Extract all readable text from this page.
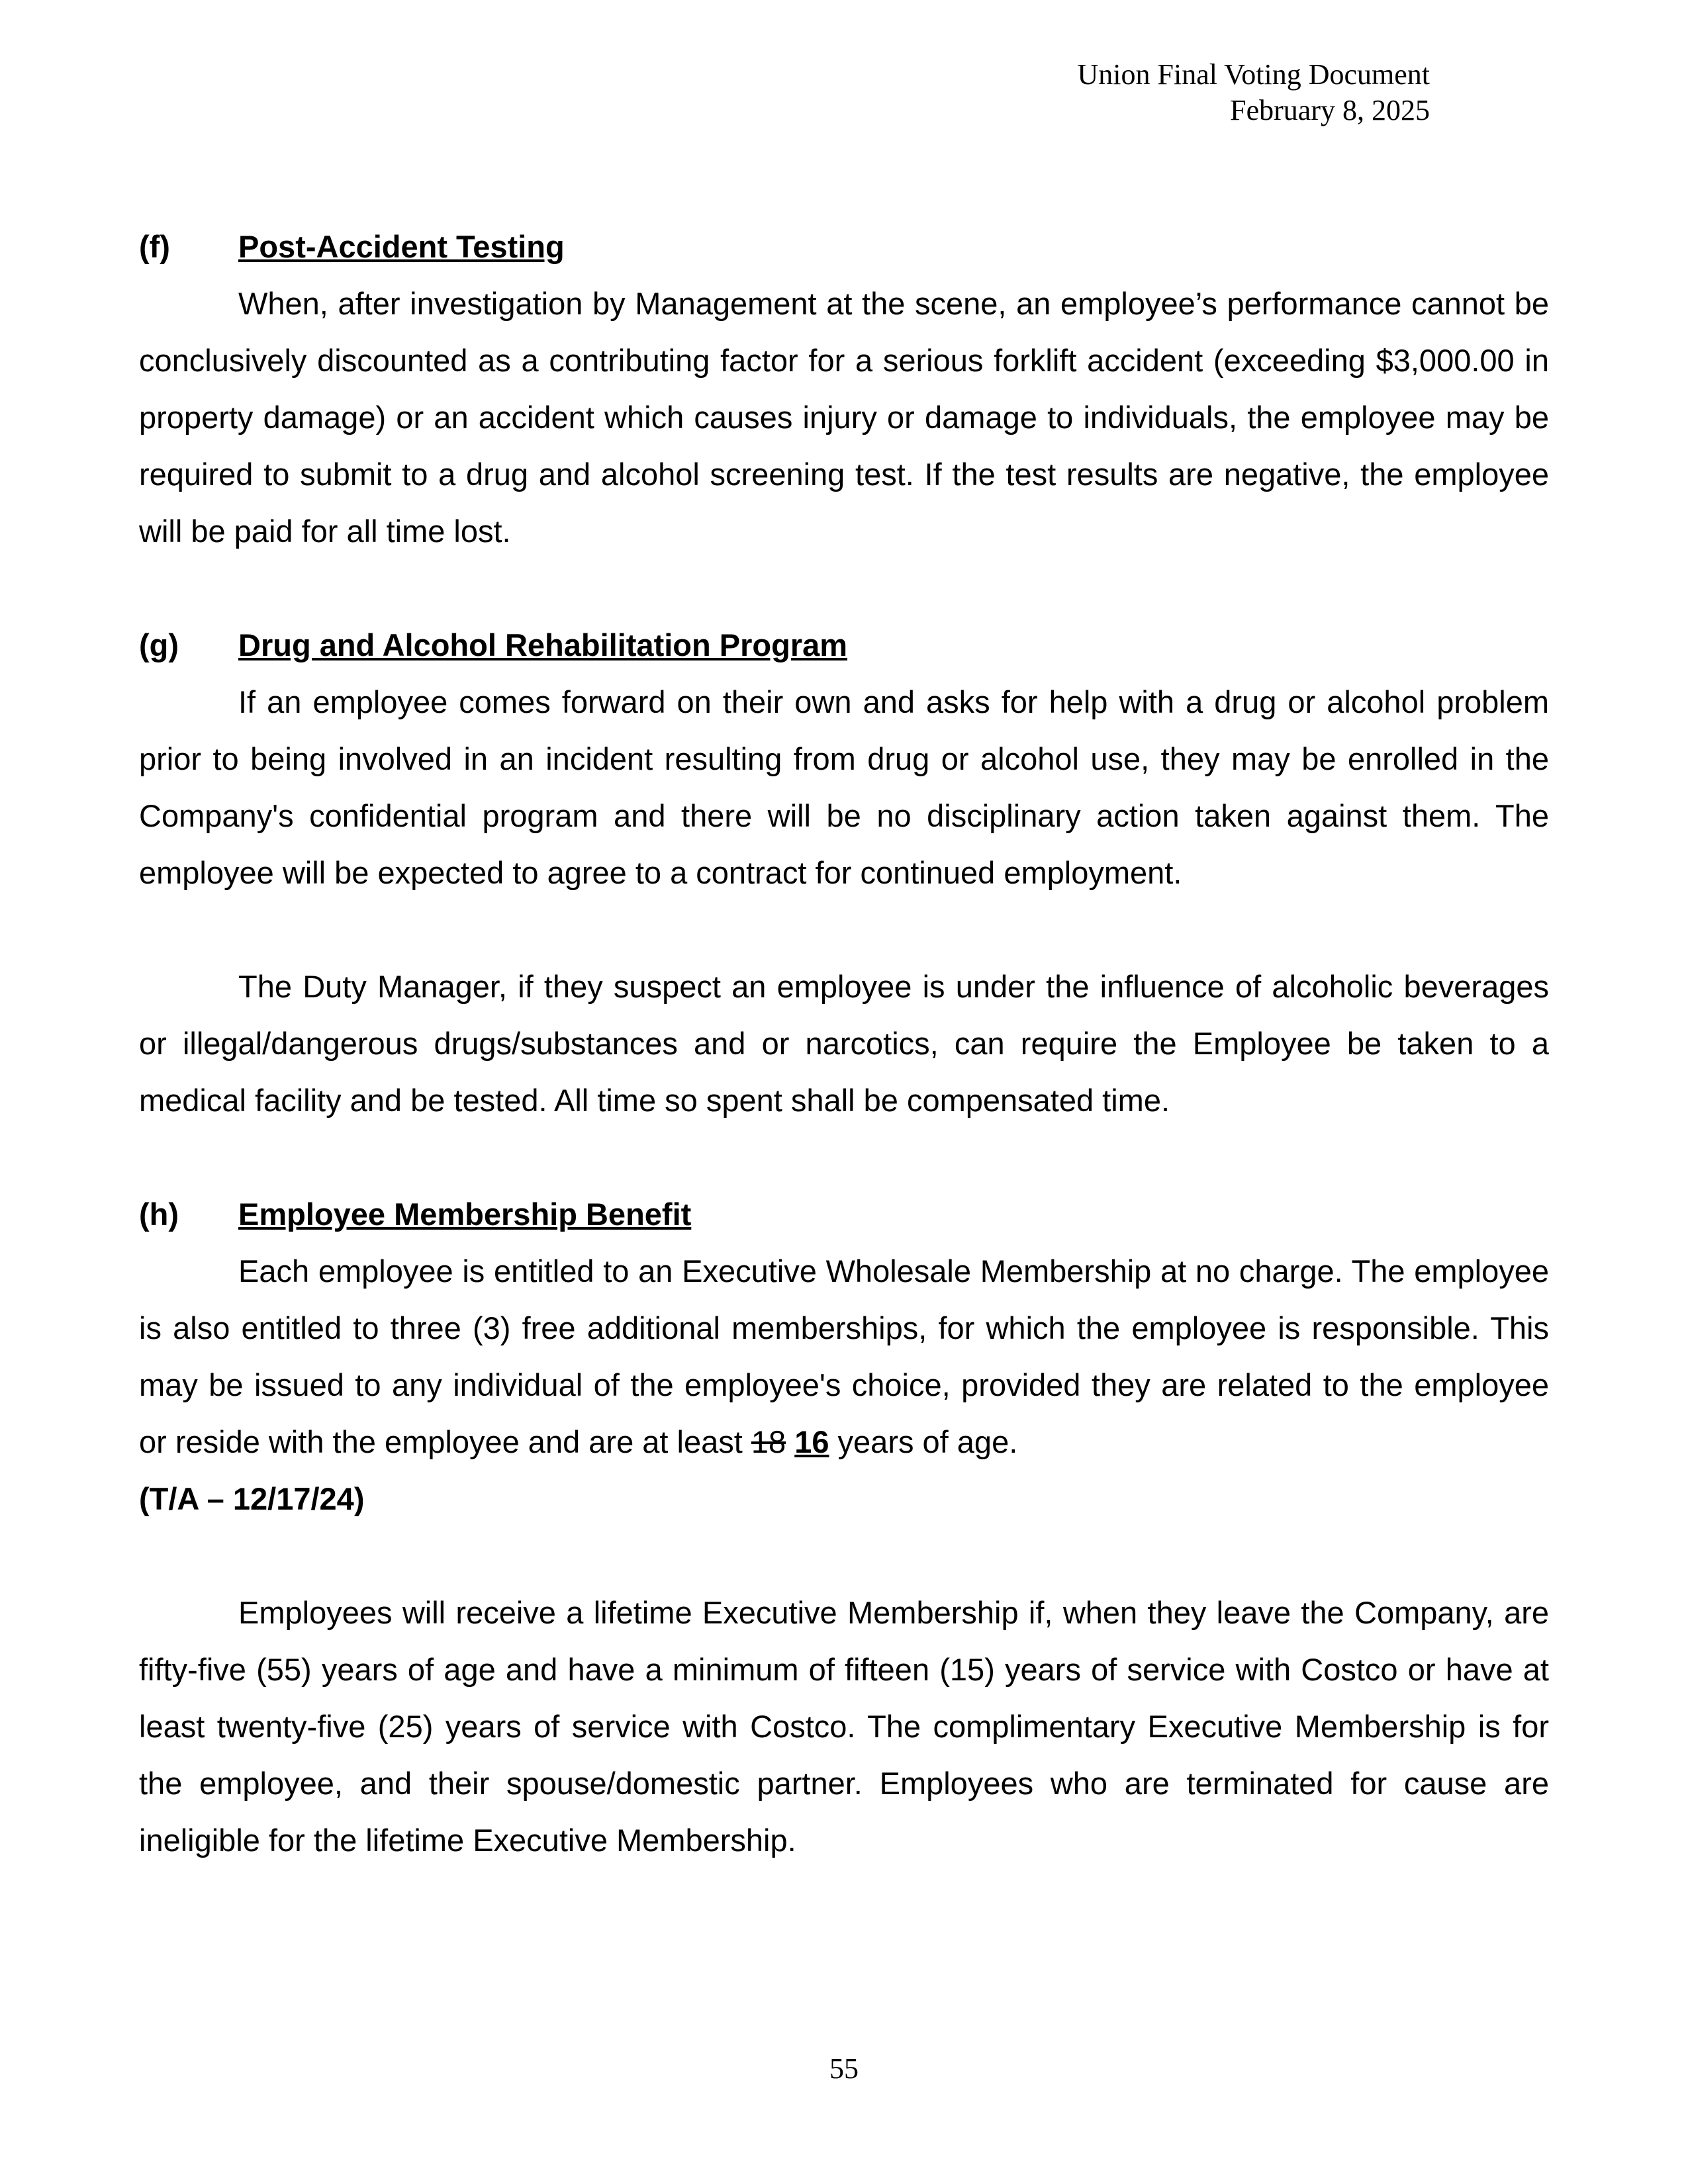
Union Final Voting Document
February 8, 2025
(f) Post-Accident Testing

When, after investigation by Management at the scene, an employee’s performance cannot be conclusively discounted as a contributing factor for a serious forklift accident (exceeding $3,000.00 in property damage) or an accident which causes injury or damage to individuals, the employee may be required to submit to a drug and alcohol screening test. If the test results are negative, the employee will be paid for all time lost.

(g) Drug and Alcohol Rehabilitation Program

If an employee comes forward on their own and asks for help with a drug or alcohol problem prior to being involved in an incident resulting from drug or alcohol use, they may be enrolled in the Company's confidential program and there will be no disciplinary action taken against them. The employee will be expected to agree to a contract for continued employment.

The Duty Manager, if they suspect an employee is under the influence of alcoholic beverages or illegal/dangerous drugs/substances and or narcotics, can require the Employee be taken to a medical facility and be tested. All time so spent shall be compensated time.

(h) Employee Membership Benefit

Each employee is entitled to an Executive Wholesale Membership at no charge. The employee is also entitled to three (3) free additional memberships, for which the employee is responsible. This may be issued to any individual of the employee's choice, provided they are related to the employee or reside with the employee and are at least 18 16 years of age.

(T/A – 12/17/24)

Employees will receive a lifetime Executive Membership if, when they leave the Company, are fifty-five (55) years of age and have a minimum of fifteen (15) years of service with Costco or have at least twenty-five (25) years of service with Costco. The complimentary Executive Membership is for the employee, and their spouse/domestic partner. Employees who are terminated for cause are ineligible for the lifetime Executive Membership.

55
